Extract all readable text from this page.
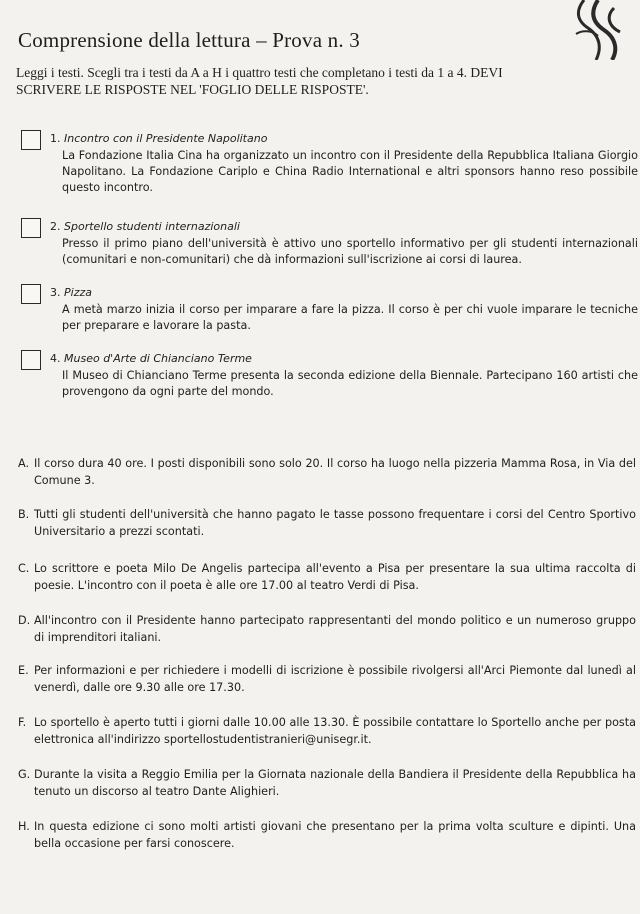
Comprensione della lettura – Prova n. 3
Leggi i testi. Scegli tra i testi da A a H i quattro testi che completano i testi da 1 a 4. DEVI
SCRIVERE LE RISPOSTE NEL 'FOGLIO DELLE RISPOSTE'.
1. Incontro con il Presidente Napolitano
La Fondazione Italia Cina ha organizzato un incontro con il Presidente della Repubblica Italiana Giorgio Napolitano. La Fondazione Cariplo e China Radio International e altri sponsors hanno reso possibile questo incontro.
2. Sportello studenti internazionali
Presso il primo piano dell'università è attivo uno sportello informativo per gli studenti internazionali (comunitari e non-comunitari) che dà informazioni sull'iscrizione ai corsi di laurea.
3. Pizza
A metà marzo inizia il corso per imparare a fare la pizza. Il corso è per chi vuole imparare le tecniche per preparare e lavorare la pasta.
4. Museo d'Arte di Chianciano Terme
Il Museo di Chianciano Terme presenta la seconda edizione della Biennale. Partecipano 160 artisti che provengono da ogni parte del mondo.
A. Il corso dura 40 ore. I posti disponibili sono solo 20. Il corso ha luogo nella pizzeria Mamma Rosa, in Via del Comune 3.
B. Tutti gli studenti dell'università che hanno pagato le tasse possono frequentare i corsi del Centro Sportivo Universitario a prezzi scontati.
C. Lo scrittore e poeta Milo De Angelis partecipa all'evento a Pisa per presentare la sua ultima raccolta di poesie. L'incontro con il poeta è alle ore 17.00 al teatro Verdi di Pisa.
D. All'incontro con il Presidente hanno partecipato rappresentanti del mondo politico e un numeroso gruppo di imprenditori italiani.
E. Per informazioni e per richiedere i modelli di iscrizione è possibile rivolgersi all'Arci Piemonte dal lunedì al venerdì, dalle ore 9.30 alle ore 17.30.
F. Lo sportello è aperto tutti i giorni dalle 10.00 alle 13.30. È possibile contattare lo Sportello anche per posta elettronica all'indirizzo sportellostudentistranieri@unisegr.it.
G. Durante la visita a Reggio Emilia per la Giornata nazionale della Bandiera il Presidente della Repubblica ha tenuto un discorso al teatro Dante Alighieri.
H. In questa edizione ci sono molti artisti giovani che presentano per la prima volta sculture e dipinti. Una bella occasione per farsi conoscere.
